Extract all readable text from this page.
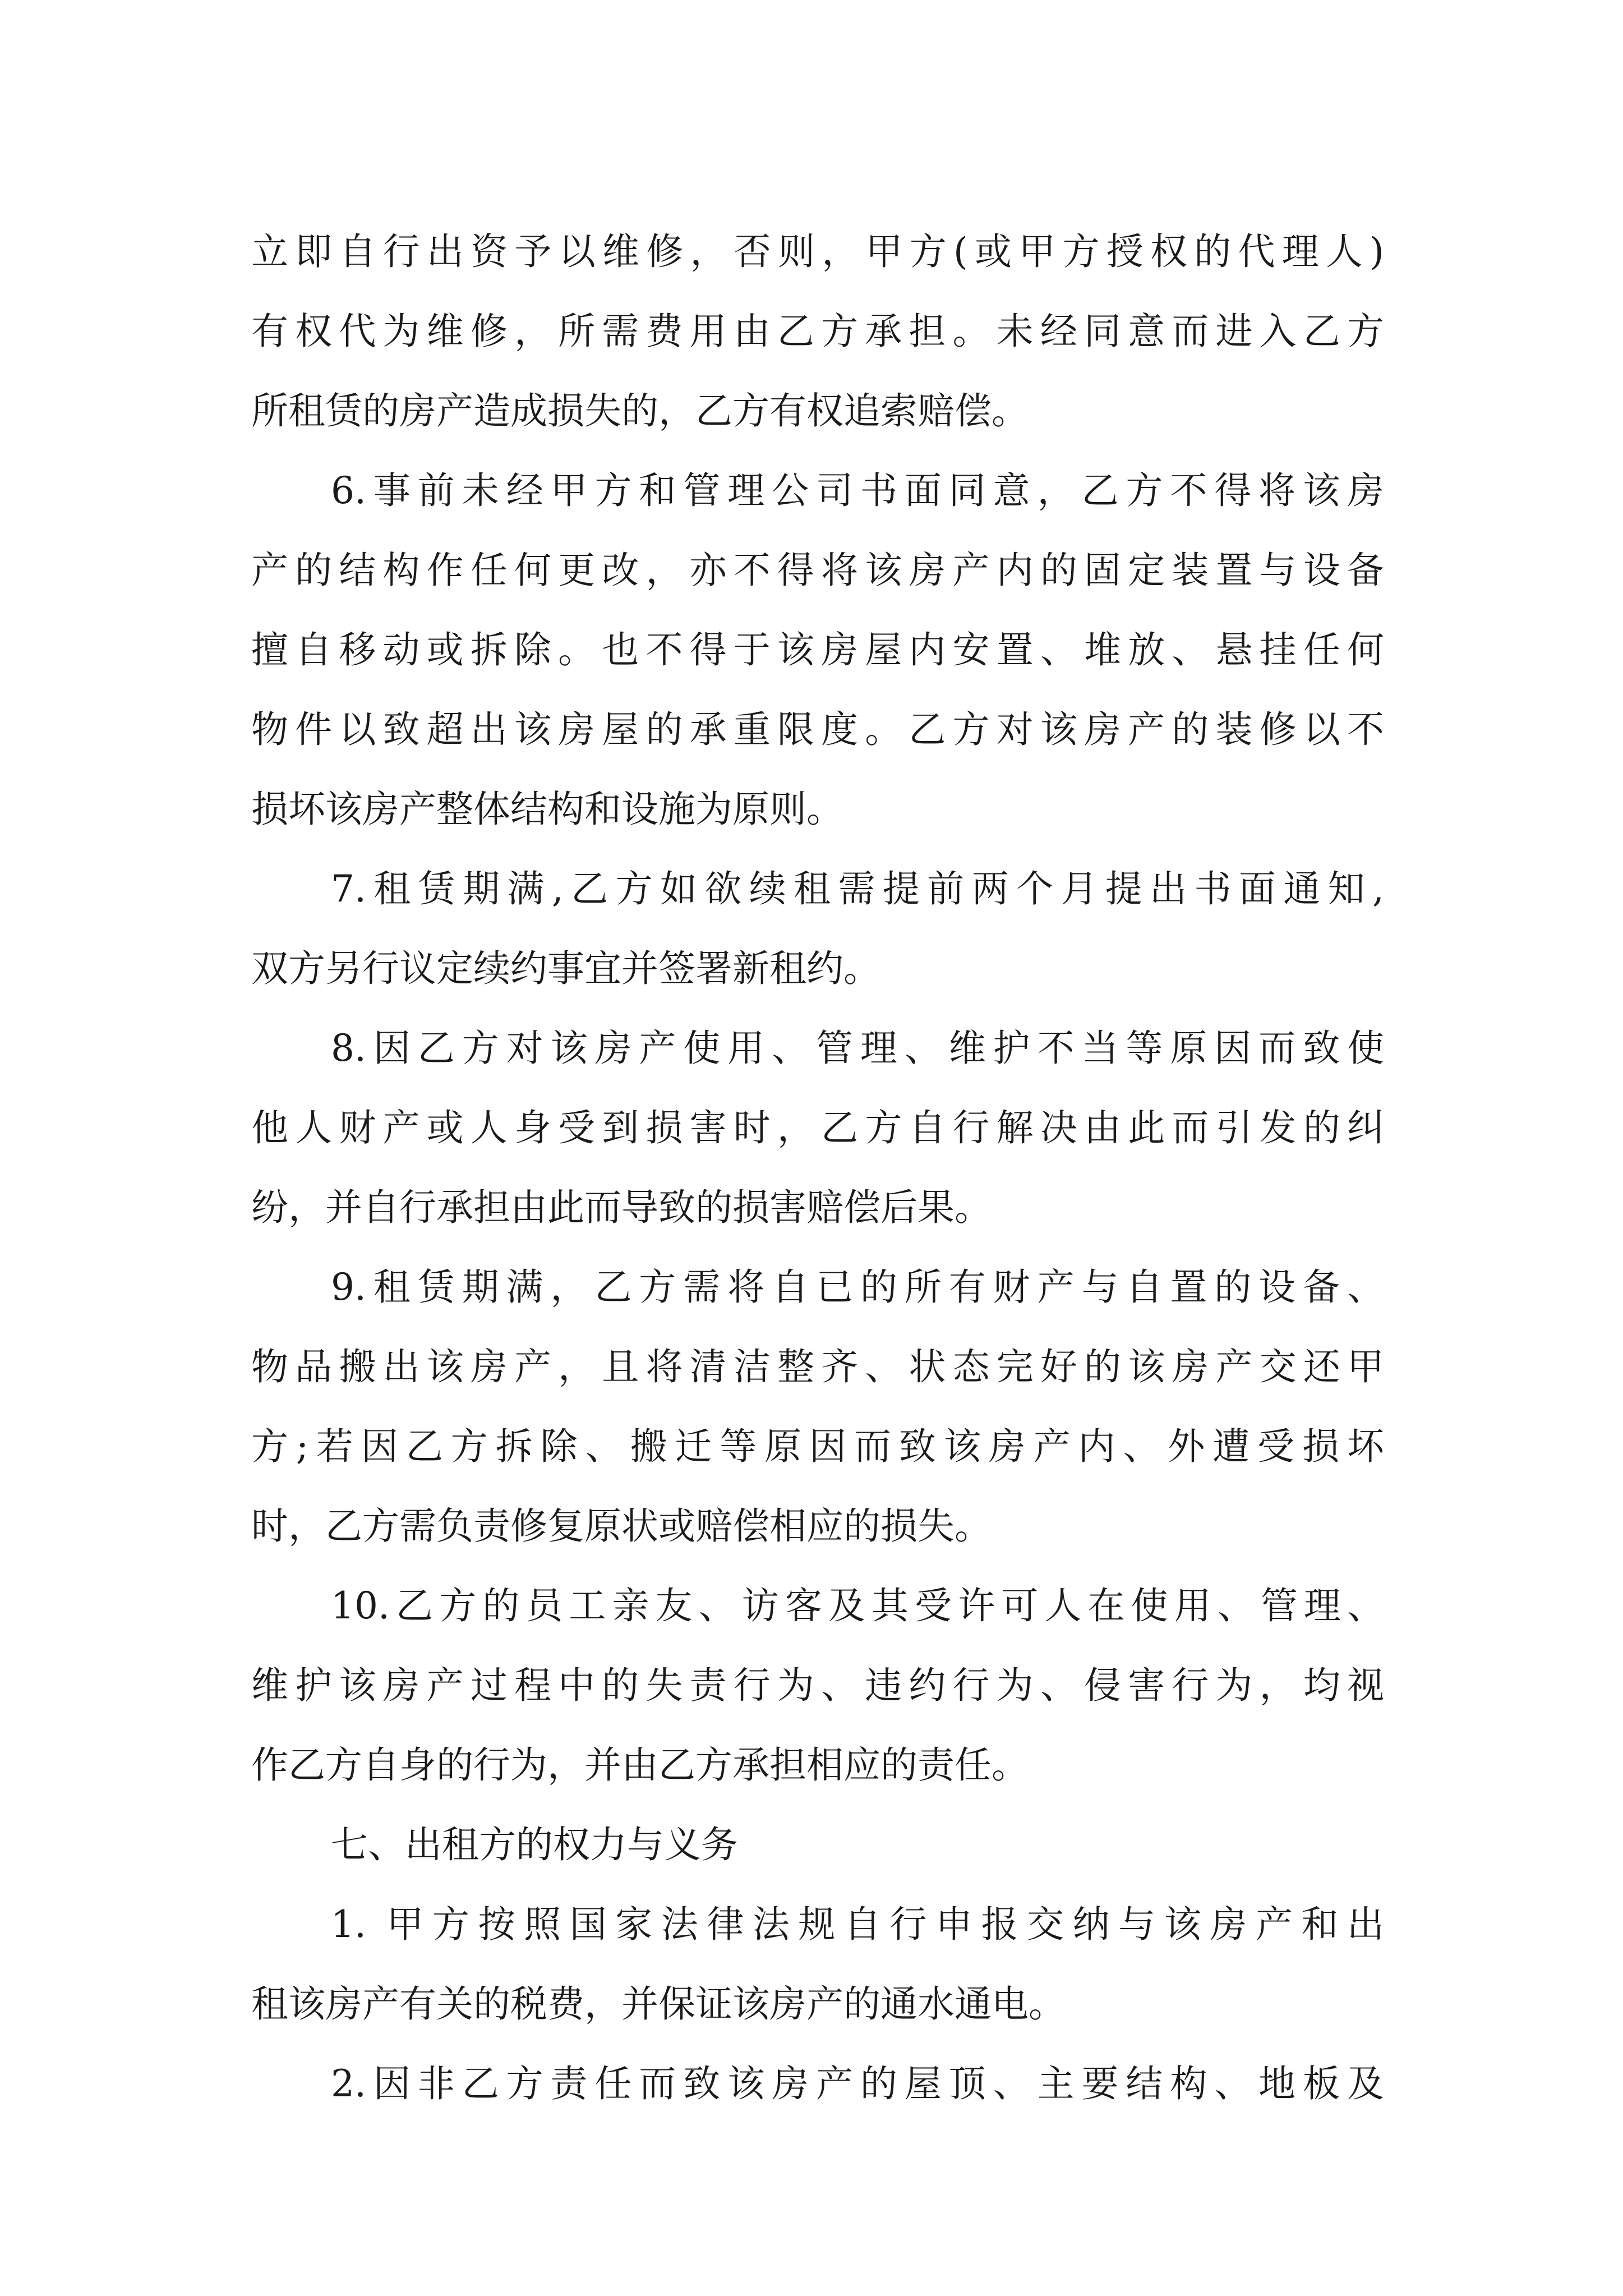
立即自行出资予以维修，否则，甲方(或甲方授权的代理人)
有权代为维修，所需费用由乙方承担。未经同意而进入乙方
所租赁的房产造成损失的，乙方有权追索赔偿。
6.事前未经甲方和管理公司书面同意，乙方不得将该房
产的结构作任何更改，亦不得将该房产内的固定装置与设备
擅自移动或拆除。也不得于该房屋内安置、堆放、悬挂任何
物件以致超出该房屋的承重限度。乙方对该房产的装修以不
损坏该房产整体结构和设施为原则。
7.租赁期满,乙方如欲续租需提前两个月提出书面通知,
双方另行议定续约事宜并签署新租约。
8.因乙方对该房产使用、管理、维护不当等原因而致使
他人财产或人身受到损害时，乙方自行解决由此而引发的纠
纷，并自行承担由此而导致的损害赔偿后果。
9.租赁期满，乙方需将自已的所有财产与自置的设备、
物品搬出该房产，且将清洁整齐、状态完好的该房产交还甲
方;若因乙方拆除、搬迁等原因而致该房产内、外遭受损坏
时，乙方需负责修复原状或赔偿相应的损失。
10.乙方的员工亲友、访客及其受许可人在使用、管理、
维护该房产过程中的失责行为、违约行为、侵害行为，均视
作乙方自身的行为，并由乙方承担相应的责任。
七、出租方的权力与义务
1. 甲方按照国家法律法规自行申报交纳与该房产和出
租该房产有关的税费，并保证该房产的通水通电。
2.因非乙方责任而致该房产的屋顶、主要结构、地板及
